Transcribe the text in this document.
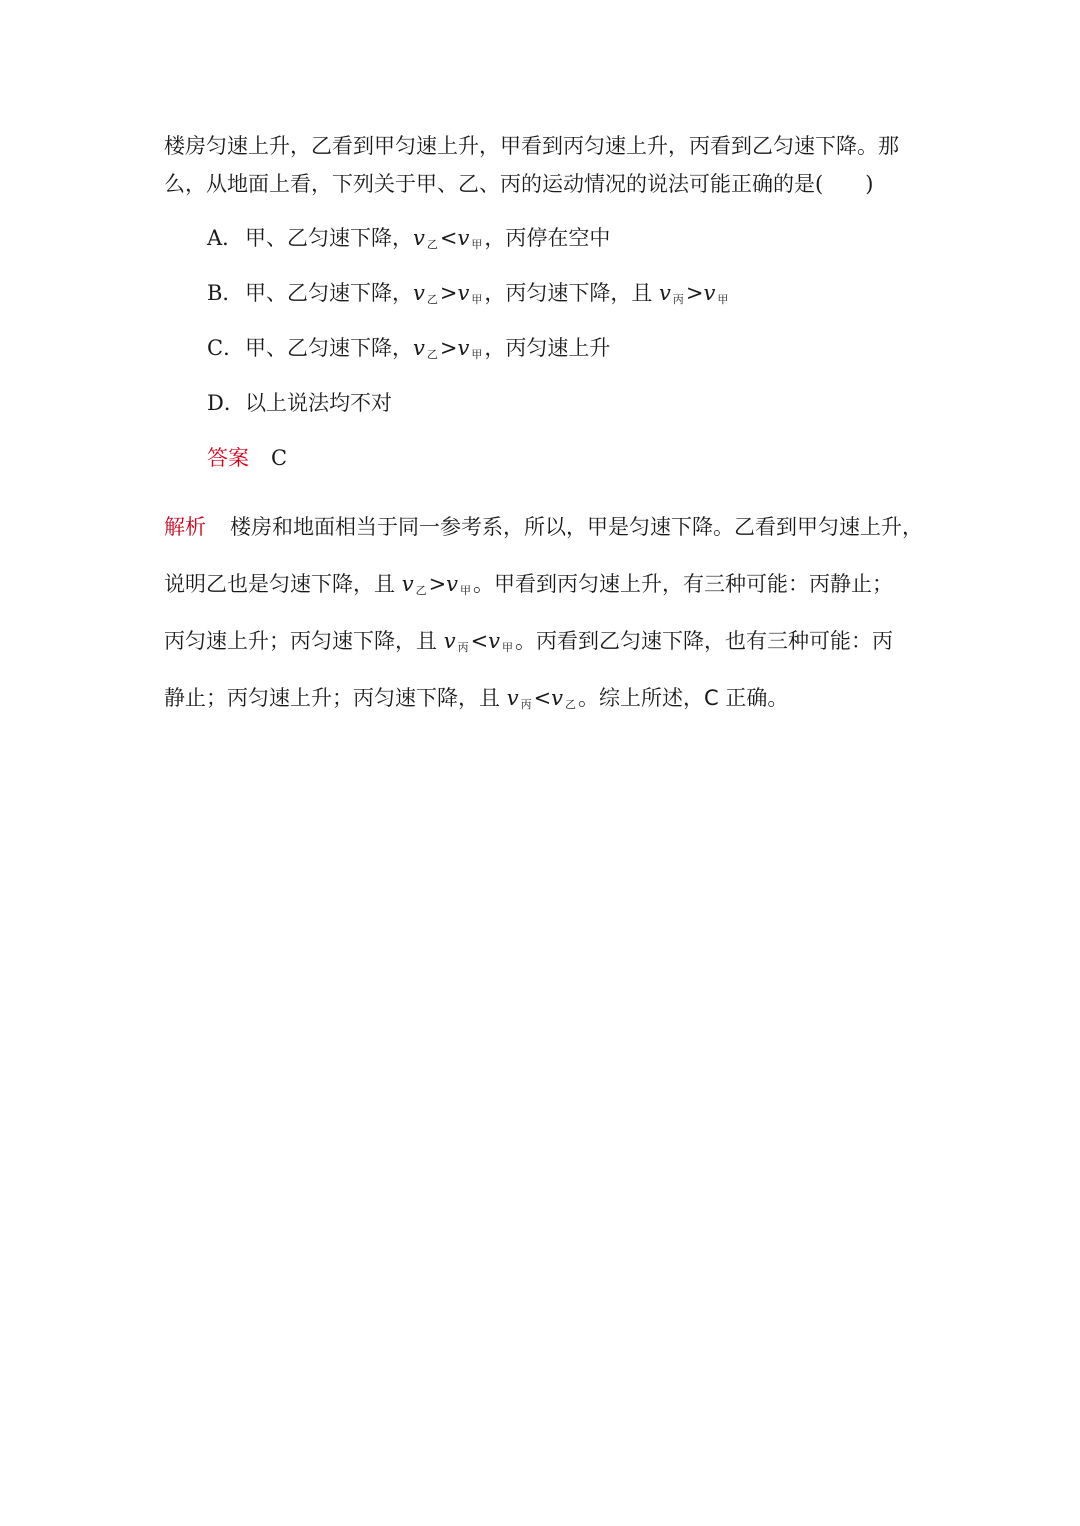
楼房匀速上升，乙看到甲匀速上升，甲看到丙匀速上升，丙看到乙匀速下降。那
么，从地面上看，下列关于甲、乙、丙的运动情况的说法可能正确的是(　　)
A．甲、乙匀速下降，v $_乙$<v $_甲$，丙停在空中
B．甲、乙匀速下降，v $_乙$>v $_甲$，丙匀速下降，且 v $_丙$>v $_甲$
C．甲、乙匀速下降，v $_乙$>v $_甲$，丙匀速上升
D．以上说法均不对
答案 C
解析 楼房和地面相当于同一参考系，所以，甲是匀速下降。乙看到甲匀速上升，
说明乙也是匀速下降，且 v $_乙$>v $_甲$。甲看到丙匀速上升，有三种可能：丙静止；
丙匀速上升；丙匀速下降，且 v $_丙$<v $_甲$。丙看到乙匀速下降，也有三种可能：丙
静止；丙匀速上升；丙匀速下降，且 v $_丙$<v $_乙$。综上所述，C 正确。
